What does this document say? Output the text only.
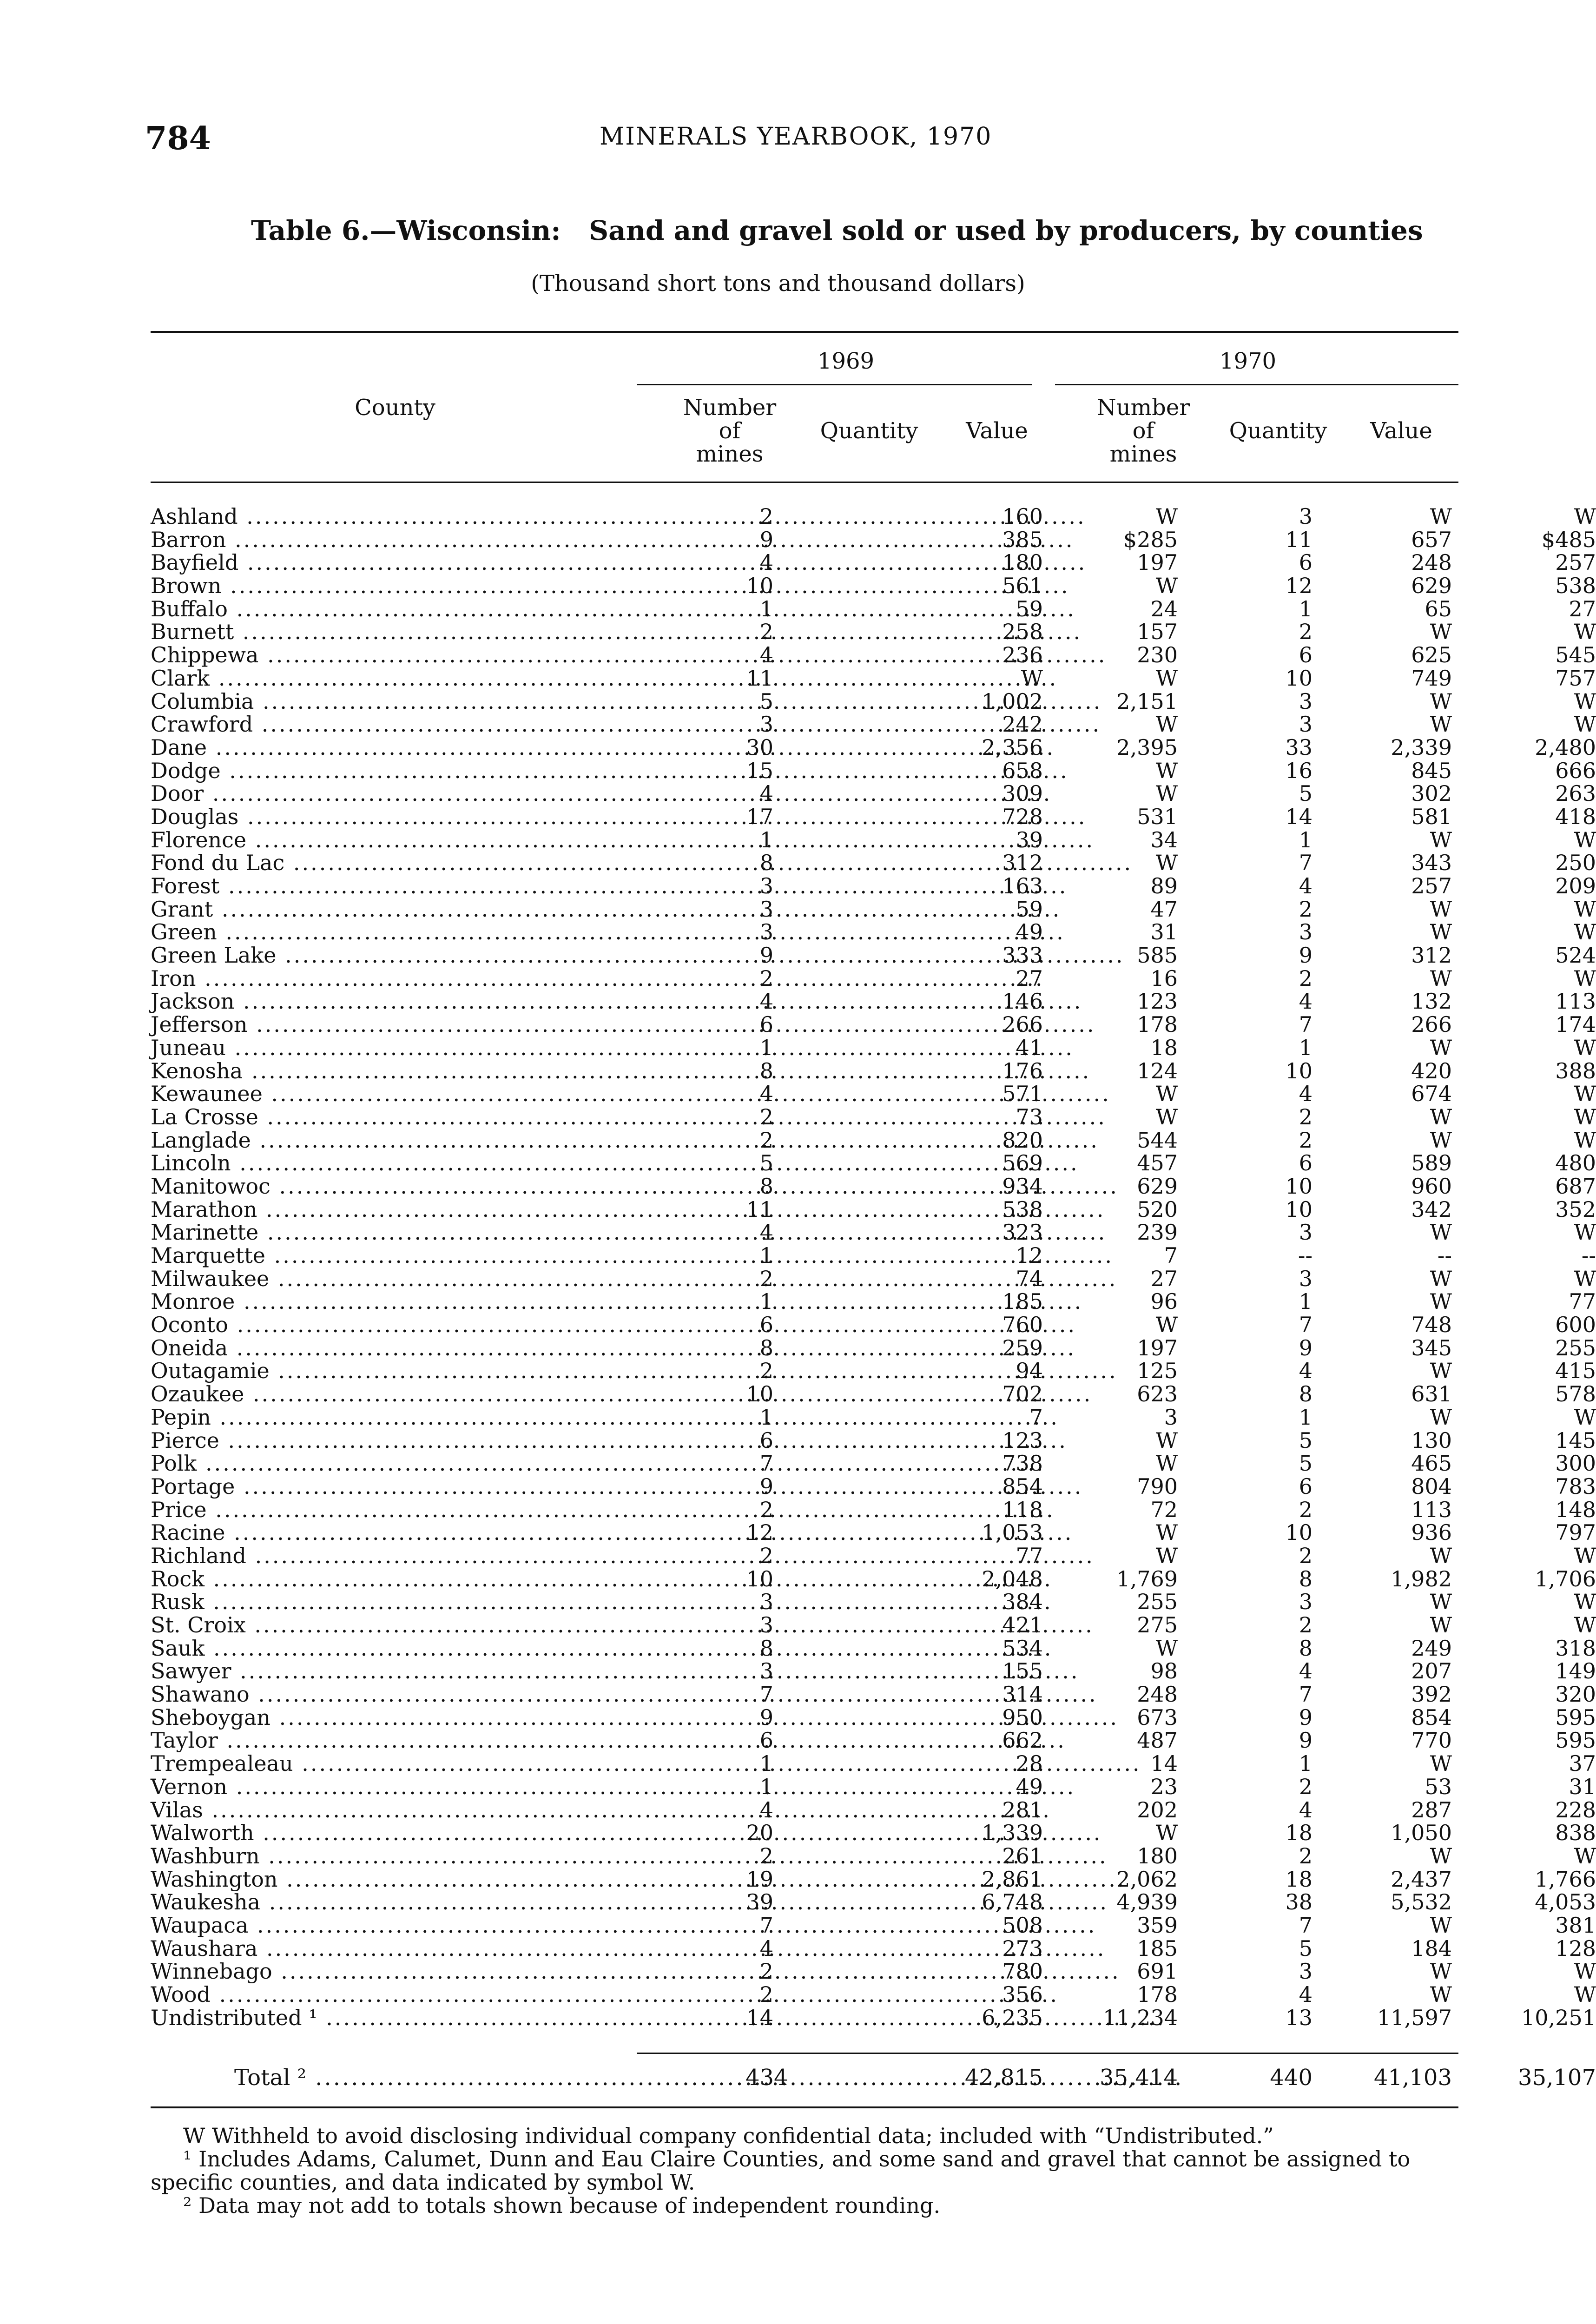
784	MINERALS YEARBOOK, 1970
Table 6.—Wisconsin:   Sand and gravel sold or used by producers, by counties
(Thousand short tons and thousand dollars)
1969	1970
County	Number
of
mines
Quantity	Value
Number
of
mines
Quantity	Value
Ashland .....	2	160	W	3	W	W
Barron .....	9	385	$285	11	657	$485
Bayfield .....	4	180	197	6	248	257
Brown .....	10	561	W	12	629	538
Buffalo .....	1	59	24	1	65	27
Burnett .....	2	258	157	2	W	W
Chippewa .....	4	236	230	6	625	545
Clark .....	11	W	W	10	749	757
Columbia .....	5	1,002	2,151	3	W	W
Crawford .....	3	242	W	3	W	W
Dane .....	30	2,356	2,395	33	2,339	2,480
Dodge .....	15	658	W	16	845	666
Door .....	4	309	W	5	302	263
Douglas .....	17	728	531	14	581	418
Florence .....	1	39	34	1	W	W
Fond du Lac .....	8	312	W	7	343	250
Forest .....	3	163	89	4	257	209
Grant .....	3	59	47	2	W	W
Green .....	3	49	31	3	W	W
Green Lake .....	9	333	585	9	312	524
Iron .....	2	27	16	2	W	W
Jackson .....	4	146	123	4	132	113
Jefferson .....	6	266	178	7	266	174
Juneau .....	1	41	18	1	W	W
Kenosha .....	8	176	124	10	420	388
Kewaunee .....	4	571	W	4	674	W
La Crosse .....	2	73	W	2	W	W
Langlade .....	2	820	544	2	W	W
Lincoln .....	5	569	457	6	589	480
Manitowoc .....	8	934	629	10	960	687
Marathon .....	11	538	520	10	342	352
Marinette .....	4	323	239	3	W	W
Marquette .....	1	12	7	--	--	--
Milwaukee .....	2	74	27	3	W	W
Monroe .....	1	185	96	1	W	77
Oconto .....	6	760	W	7	748	600
Oneida .....	8	259	197	9	345	255
Outagamie .....	2	94	125	4	W	415
Ozaukee .....	10	702	623	8	631	578
Pepin .....	1	7	3	1	W	W
Pierce .....	6	123	W	5	130	145
Polk .....	7	738	W	5	465	300
Portage .....	9	854	790	6	804	783
Price .....	2	118	72	2	113	148
Racine .....	12	1,053	W	10	936	797
Richland .....	2	77	W	2	W	W
Rock .....	10	2,048	1,769	8	1,982	1,706
Rusk .....	3	384	255	3	W	W
St. Croix .....	3	421	275	2	W	W
Sauk .....	8	534	W	8	249	318
Sawyer .....	3	155	98	4	207	149
Shawano .....	7	314	248	7	392	320
Sheboygan .....	9	950	673	9	854	595
Taylor .....	6	662	487	9	770	595
Trempealeau .....	1	28	14	1	W	37
Vernon .....	1	49	23	2	53	31
Vilas .....	4	281	202	4	287	228
Walworth .....	20	1,339	W	18	1,050	838
Washburn .....	2	261	180	2	W	W
Washington .....	19	2,861	2,062	18	2,437	1,766
Waukesha .....	39	6,748	4,939	38	5,532	4,053
Waupaca .....	7	508	359	7	W	381
Waushara .....	4	273	185	5	184	128
Winnebago .....	2	780	691	3	W	W
Wood .....	2	356	178	4	W	W
Undistributed ¹ .....	14	6,235	11,234	13	11,597	10,251
Total ² .....	434	42,815	35,414	440	41,103	35,107
W Withheld to avoid disclosing individual company confidential data; included with “Undistributed.”
¹ Includes Adams, Calumet, Dunn and Eau Claire Counties, and some sand and gravel that cannot be assigned to specific counties, and data indicated by symbol W.
² Data may not add to totals shown because of independent rounding.
